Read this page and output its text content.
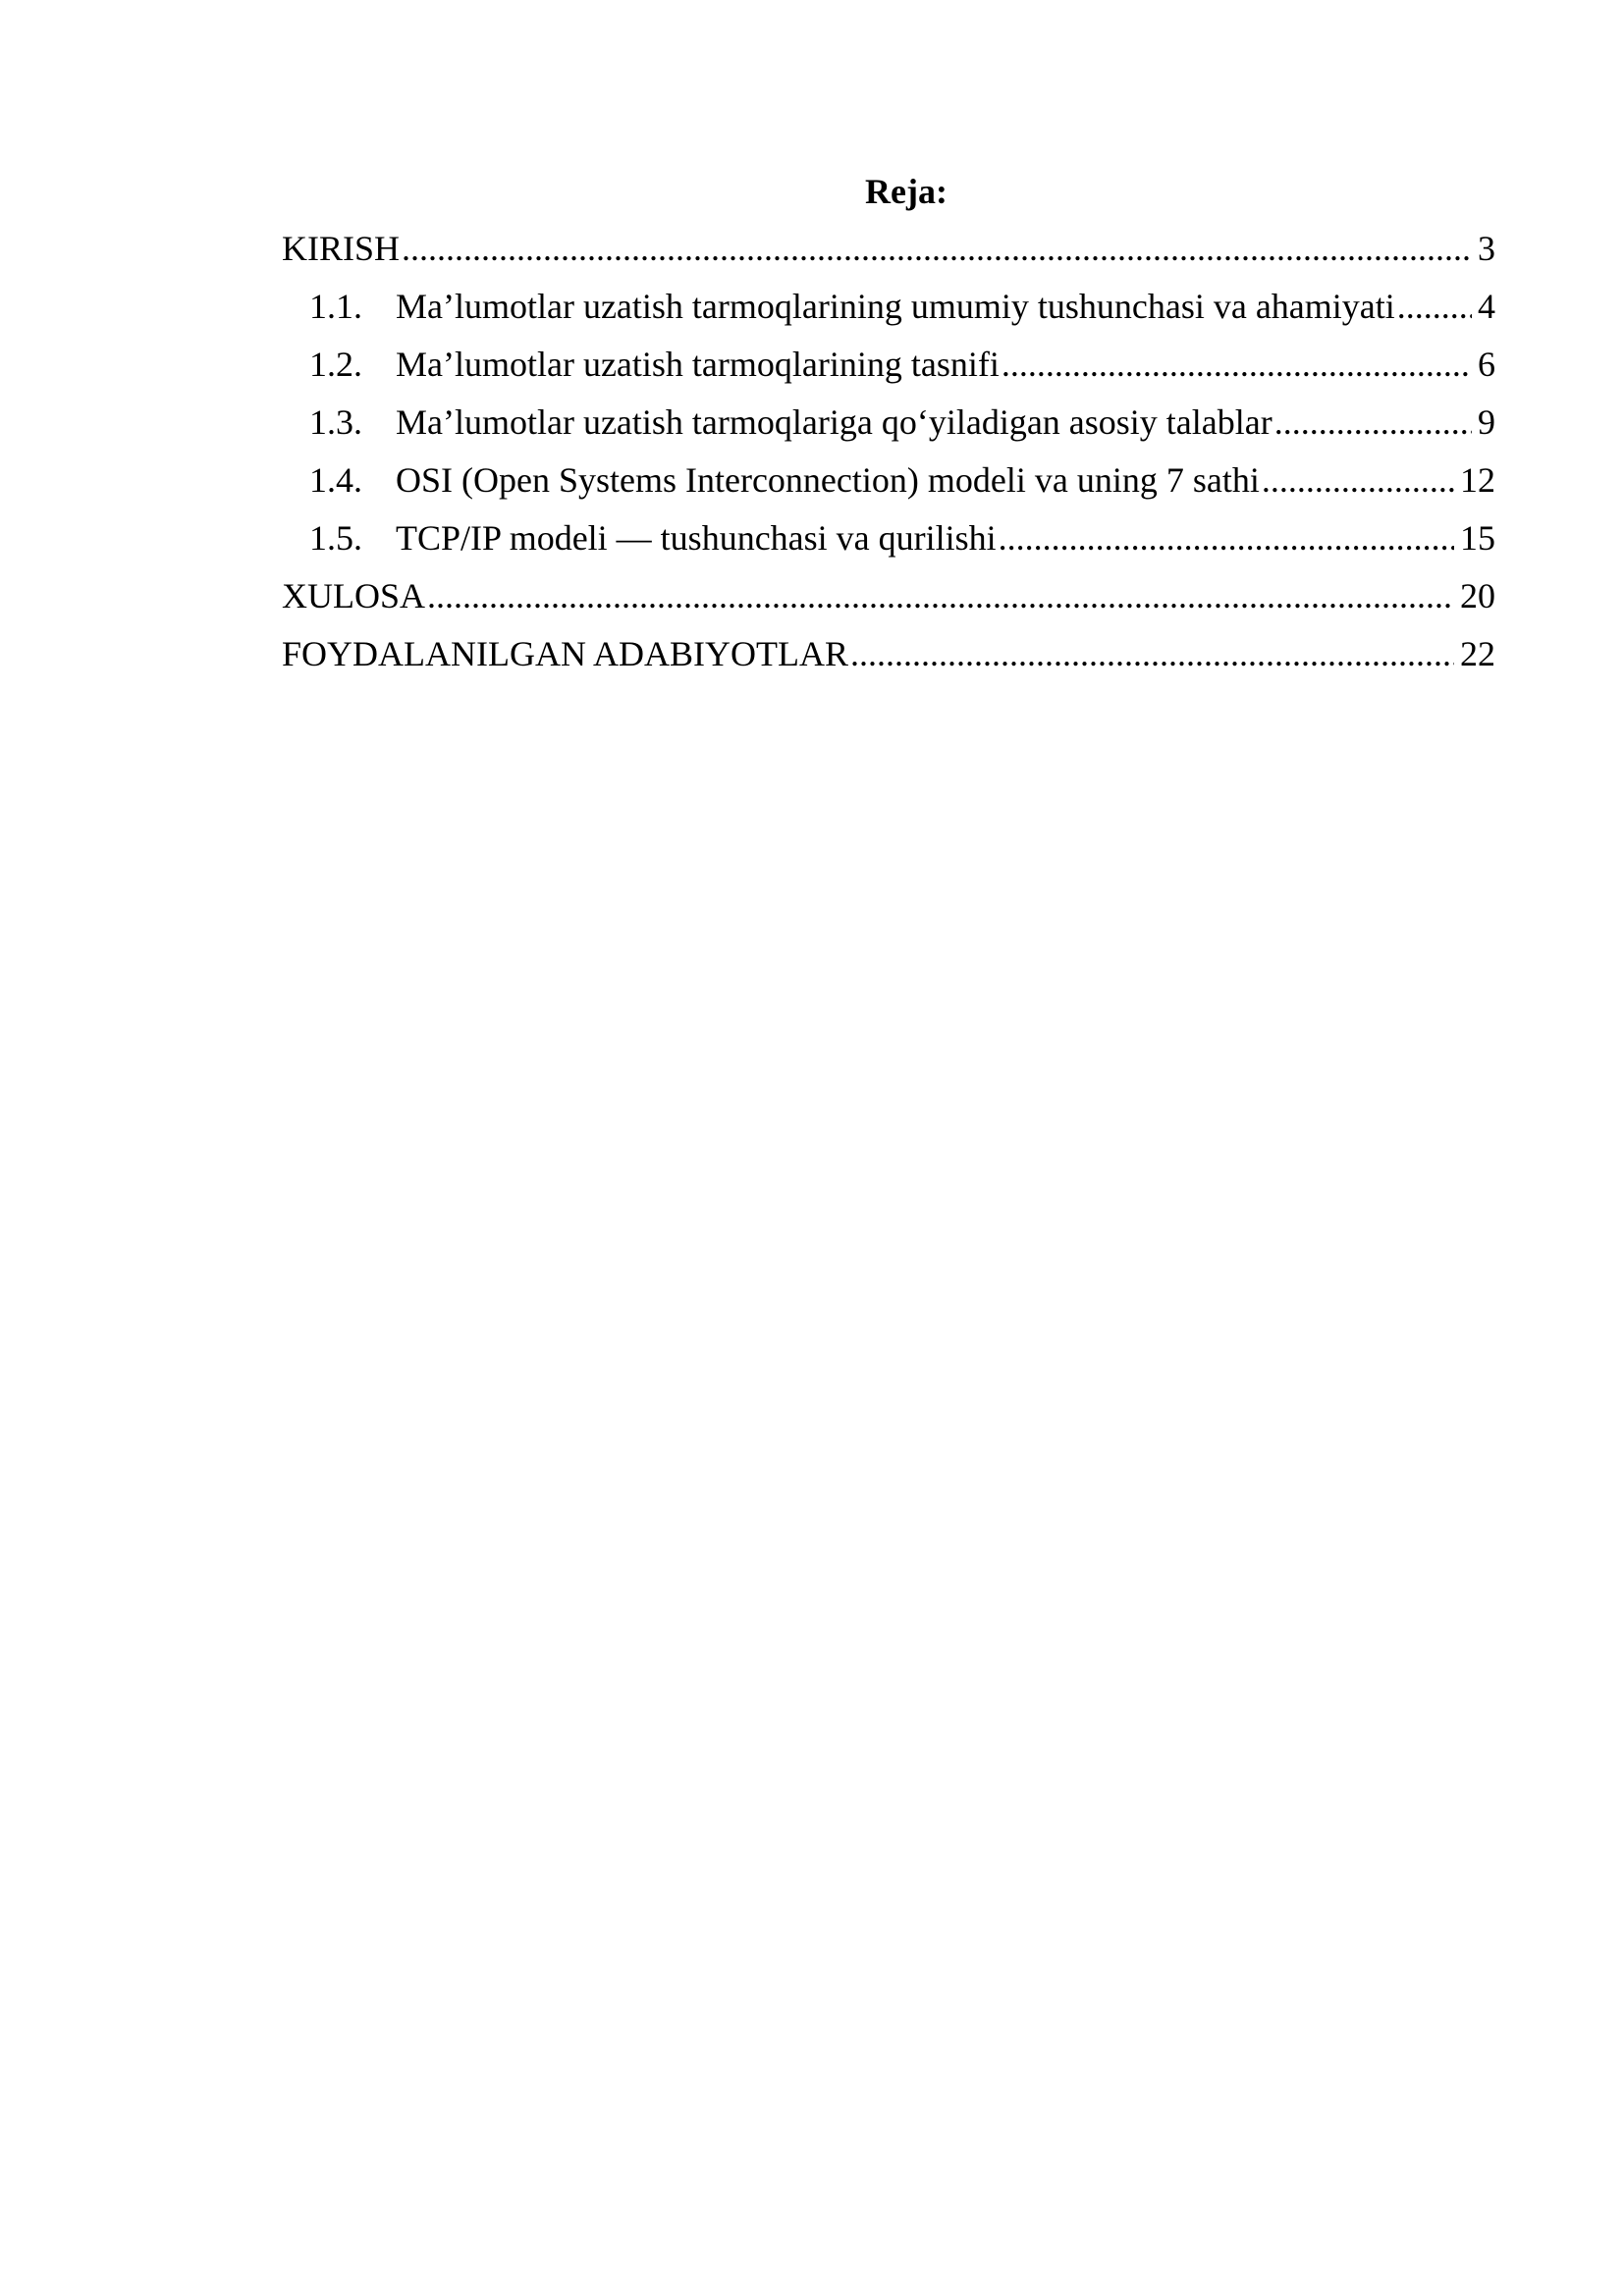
Reja:
KIRISH .....	3
1.1. Ma’lumotlar uzatish tarmoqlarining umumiy tushunchasi va ahamiyati ..... 4
1.2. Ma’lumotlar uzatish tarmoqlarining tasnifi .....	6
1.3. Ma’lumotlar uzatish tarmoqlariga qo‘yiladigan asosiy talablar .....	9
1.4. OSI (Open Systems Interconnection) modeli va uning 7 sathi .....	12
1.5. TCP/IP modeli — tushunchasi va qurilishi .....	15
XULOSA .....	20
FOYDALANILGAN ADABIYOTLAR .....	22
